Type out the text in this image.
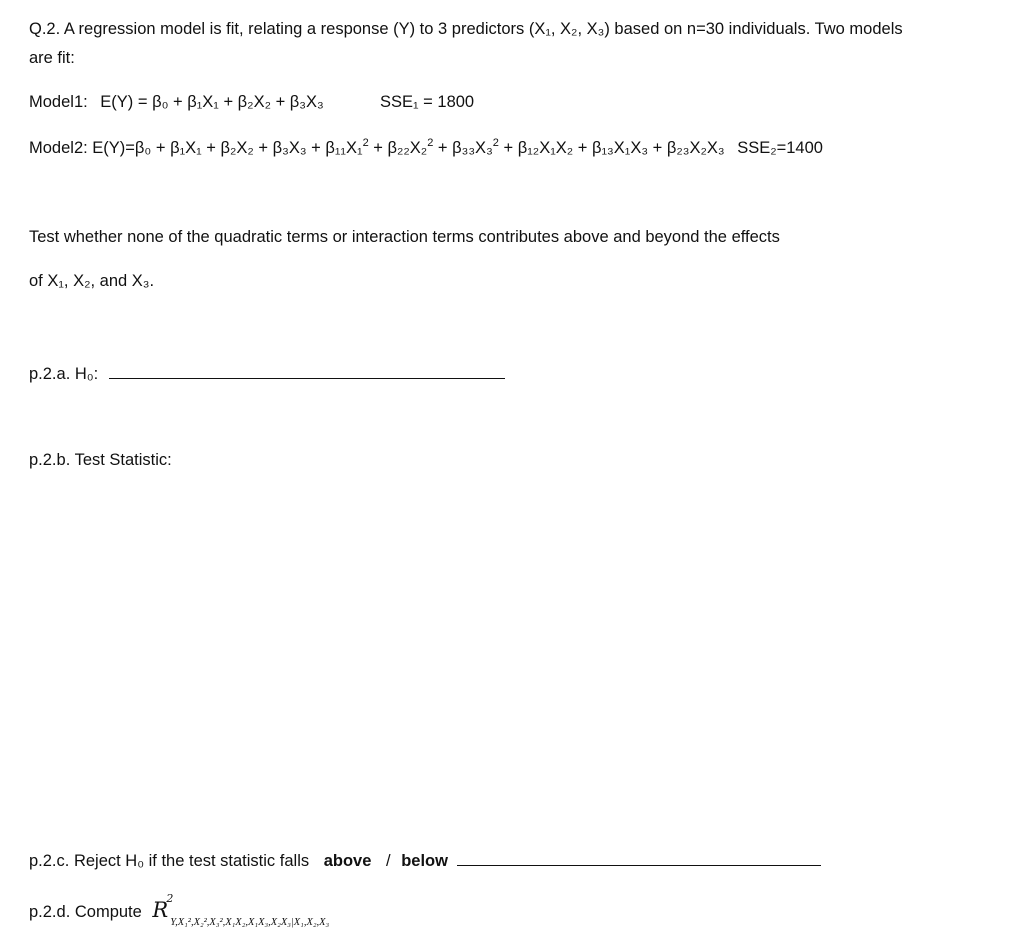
Q.2. A regression model is fit, relating a response (Y) to 3 predictors (X₁, X₂, X₃) based on n=30 individuals. Two models
are fit:
Model1: E(Y) = β₀ + β₁X₁ + β₂X₂ + β₃X₃	SSE₁ = 1800
Model2: E(Y)=β₀ + β₁X₁ + β₂X₂ + β₃X₃ + β₁₁X₁$^2$ + β₂₂X₂$^2$ + β₃₃X₃$^2$ + β₁₂X₁X₂ + β₁₃X₁X₃ + β₂₃X₂X₃ SSE₂=1400
Test whether none of the quadratic terms or interaction terms contributes above and beyond the effects
of X₁, X₂, and X₃.
p.2.a. H₀:
p.2.b. Test Statistic:
p.2.c. Reject H₀ if the test statistic falls above / below
p.2.d. Compute R
2
$_{Y,X_1^2,X_2^2,X_3^2,X_1X_2,X_1X_3,X_2X_3|X_1,X_2,X_3}$
